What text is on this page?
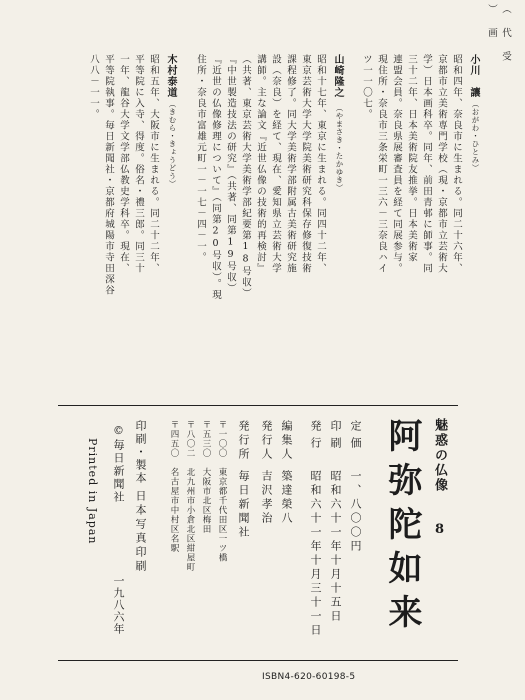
（ 代 受
） 画
小川　讓
（おがわ・ひとみ）
昭和四年、奈良市に生まれる。同二十六年、
京都市立美術専門学校（現・京都市立芸術大
学）日本画科卒。同年、前田青邨に師事。同
三十二年、日本美術院友推挙。日本美術家
連盟会員。奈良県展審査員を経て同展参与。
現住所・奈良市三条栄町一三六－三奈良ハイ
ツ一一〇七。
山崎隆之
（やまさき・たかゆき）
昭和十七年、東京に生まれる。同四十二年、
東京芸術大学大学院美術研究科保存修復技術
課程修了。同大学美術学部附属古美術研究施
設（奈良）を経て、現在、愛知県立芸術大学
講師。主な論文『近世仏像の技術的再検討』
（共著、東京芸術大学美術学部紀要第18号収）
『中世製造技法の研究』（共著、同第19号収）
『近世の仏像修理について』（同第20号収）。現
住所・奈良市富雄元町一－一七－四－一。
木村泰道
（きむら・きょうどう）
昭和五年、大阪市に生まれる。同二十二年、
平等院に入寺、得度。俗名・禮三郎。同三十
一年、龍谷大学文学部仏教史学科卒。現在、
平等院執事。毎日新聞社・京都府城陽市寺田深谷
八八－一一。
魅惑の仏像 8
阿弥陀如来
定価
一、八〇〇円
印刷
昭和六十一年十月十五日
発行
昭和六十一年十月三十一日
編集人
築達榮八
発行人
吉沢孝治
発行所
毎日新聞社
〒一〇〇　東京都千代田区一ツ橋
〒五三〇　大阪市北区梅田
〒八〇二　北九州市小倉北区紺屋町
〒四五〇　名古屋市中村区名駅
印刷・製本
日本写真印刷
©毎日新聞社
一九八六年
Printed in Japan
ISBN4-620-60198-5
